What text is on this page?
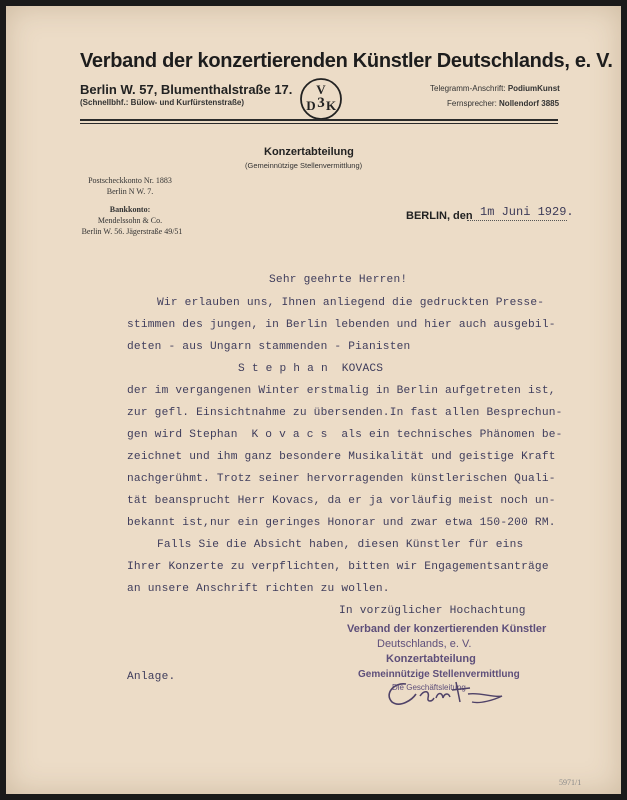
Verband der konzertierenden Künstler Deutschlands, e. V.
Berlin W. 57, Blumenthalstraße 17.
(Schnellbhf.: Bülow- und Kurfürstenstraße)
V
D K
3
Telegramm-Anschrift: PodiumKunst
Fernsprecher: Nollendorf 3885
Konzertabteilung
(Gemeinnützige Stellenvermittlung)
Postscheckkonto Nr. 1883
Berlin N W. 7.
Bankkonto:
Mendelssohn & Co.
Berlin W. 56. Jägerstraße 49/51
BERLIN, den 1m Juni 1929.
Sehr geehrte Herren!
Wir erlauben uns, Ihnen anliegend die gedruckten Presse-
stimmen des jungen, in Berlin lebenden und hier auch ausgebil-
deten - aus Ungarn stammenden - Pianisten
S t e p h a n  KOVACS
der im vergangenen Winter erstmalig in Berlin aufgetreten ist,
zur gefl. Einsichtnahme zu übersenden.In fast allen Besprechun-
gen wird Stephan  K o v a c s  als ein technisches Phänomen be-
zeichnet und ihm ganz besondere Musikalität und geistige Kraft
nachgerühmt. Trotz seiner hervorragenden künstlerischen Quali-
tät beansprucht Herr Kovacs, da er ja vorläufig meist noch un-
bekannt ist,nur ein geringes Honorar und zwar etwa 150-200 RM.
Falls Sie die Absicht haben, diesen Künstler für eins
Ihrer Konzerte zu verpflichten, bitten wir Engagementsanträge
an unsere Anschrift richten zu wollen.
In vorzüglicher Hochachtung
Verband der konzertierenden Künstler
Deutschlands, e. V.
Konzertabteilung
Gemeinnützige Stellenvermittlung
Die Geschäftsleitung
Anlage.
5971/1
